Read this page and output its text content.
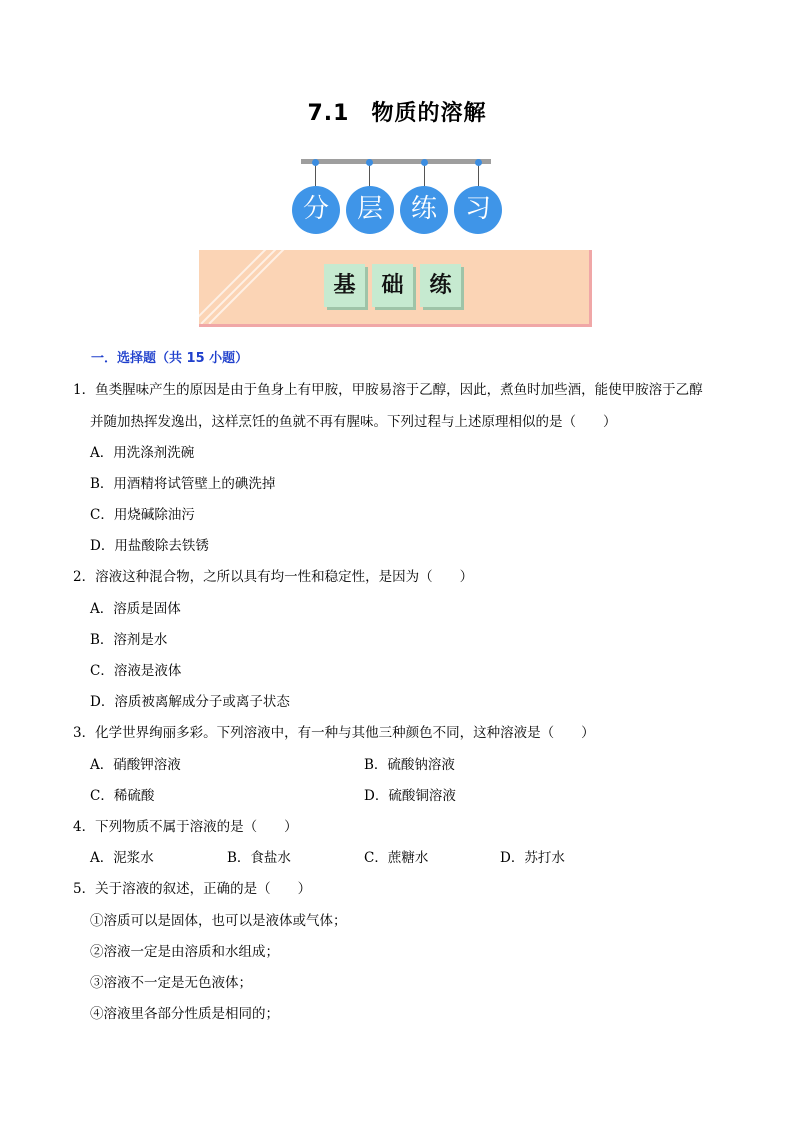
7.1 物质的溶解
分	层	练	习
基	础	练
一．选择题（共 15 小题）
1．鱼类腥味产生的原因是由于鱼身上有甲胺，甲胺易溶于乙醇，因此，煮鱼时加些酒，能使甲胺溶于乙醇
并随加热挥发逸出，这样烹饪的鱼就不再有腥味。下列过程与上述原理相似的是（　　）
A．用洗涤剂洗碗
B．用酒精将试管壁上的碘洗掉
C．用烧碱除油污
D．用盐酸除去铁锈
2．溶液这种混合物，之所以具有均一性和稳定性，是因为（　　）
A．溶质是固体
B．溶剂是水
C．溶液是液体
D．溶质被离解成分子或离子状态
3．化学世界绚丽多彩。下列溶液中，有一种与其他三种颜色不同，这种溶液是（　　）
A．硝酸钾溶液	B．硫酸钠溶液
C．稀硫酸	D．硫酸铜溶液
4．下列物质不属于溶液的是（　　）
A．泥浆水	B．食盐水	C．蔗糖水	D．苏打水
5．关于溶液的叙述，正确的是（　　）
①溶质可以是固体，也可以是液体或气体；
②溶液一定是由溶质和水组成；
③溶液不一定是无色液体；
④溶液里各部分性质是相同的；
